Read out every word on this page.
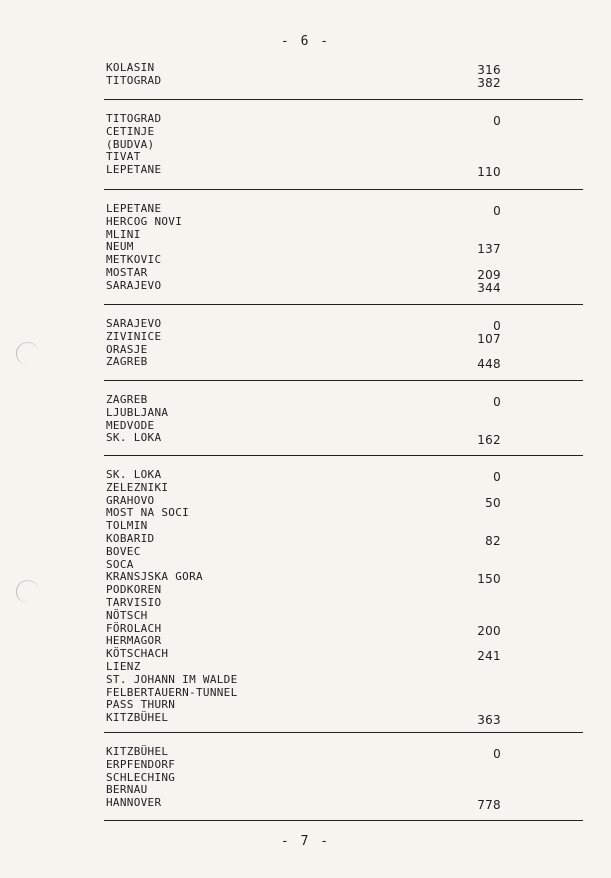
- 6 -
KOLASIN	316
TITOGRAD	382
TITOGRAD	0
CETINJE
(BUDVA)
TIVAT
LEPETANE	110
LEPETANE	0
HERCOG NOVI
MLINI
NEUM	137
METKOVIC
MOSTAR	209
SARAJEVO	344
SARAJEVO	0
ZIVINICE	107
ORASJE
ZAGREB	448
ZAGREB	0
LJUBLJANA
MEDVODE
SK. LOKA	162
SK. LOKA	0
ZELEZNIKI
GRAHOVO	50
MOST NA SOCI
TOLMIN
KOBARID	82
BOVEC
SOCA
KRANSJSKA GORA	150
PODKOREN
TARVISIO
NÖTSCH
FÖROLACH	200
HERMAGOR
KÖTSCHACH	241
LIENZ
ST. JOHANN IM WALDE
FELBERTAUERN-TUNNEL
PASS THURN
KITZBÜHEL	363
KITZBÜHEL	0
ERPFENDORF
SCHLECHING
BERNAU
HANNOVER	778
- 7 -
